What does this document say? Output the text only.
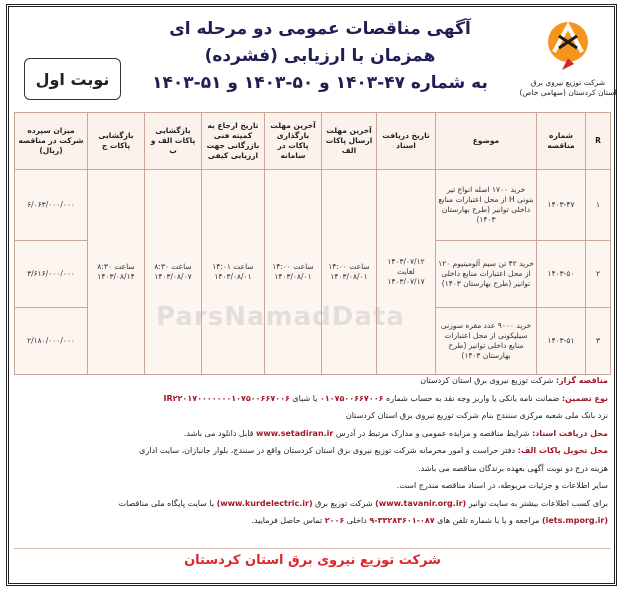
نوبت اول
آگهی مناقصات عمومی دو مرحله ای
همزمان با ارزیابی (فشرده)
به شماره ۴۷-۱۴۰۳ و ۵۰-۱۴۰۳ و ۵۱-۱۴۰۳	شرکت توزیع نیروی برق
استان کردستان (سهامی خاص)
R	شماره مناقصه	موضوع	تاریخ دریافت اسناد	آخرین مهلت ارسال پاکات الف	آخرین مهلت بارگذاری پاکات در سامانه	تاریخ ارجاع به کمیته فنی بازرگانی جهت ارزیابی کیفی	بازگشایی پاکات الف و ب	بازگشایی پاکات ج	میزان سپرده شرکت در مناقصه (ریال)
۱	۱۴۰۳-۴۷	خرید ۱۷۰۰ اصله انواع تیر بتونی H از محل اعتبارات منابع داخلی توانیر (طرح بهارستان ۱۴۰۳)	۱۴۰۳/۰۷/۱۲ لغایت ۱۴۰۳/۰۷/۱۷	ساعت ۱۴:۰۰ ۱۴۰۳/۰۸/۰۱	ساعت ۱۴:۰۰ ۱۴۰۳/۰۸/۰۱	ساعت ۱۴:۰۱ ۱۴۰۳/۰۸/۰۱	ساعت ۸:۳۰ ۱۴۰۳/۰۸/۰۷	ساعت ۸:۳۰ ۱۴۰۳/۰۸/۱۴	۶/۰۶۳/۰۰۰/۰۰۰
۲	۱۴۰۳-۵۰	خرید ۴۲ تن سیم آلومینیوم ۱۲۰ از محل اعتبارات منابع داخلی توانیر (طرح بهارستان ۱۴۰۳)							۳/۶۱۶/۰۰۰/۰۰۰
۳	۱۴۰۳-۵۱	خرید ۹۰۰۰ عدد مقره سوزنی سیلیکونی از محل اعتبارات منابع داخلی توانیر (طرح بهارستان ۱۴۰۳)							۲/۱۸۰/۰۰۰/۰۰۰
ParsNamadData
مناقصه گزار: شرکت توزیع نیروی برق استان کردستان
نوع تضمین: ضمانت نامه بانکی یا واریز وجه نقد به حساب شماره ۰۱۰۷۵۰۰۶۶۷۰۰۶ یا شبای IR۲۲۰۱۷۰۰۰۰۰۰۰۱۰۷۵۰۰۶۶۷۰۰۶
نزد بانک ملی شعبه مرکزی سنندج بنام شرکت توزیع نیروی برق استان کردستان
محل دریافت اسناد: شرایط مناقصه و مزایده عمومی و مدارک مرتبط در آدرس www.setadiran.ir قابل دانلود می باشد.
محل تحویل پاکات الف: دفتر حراست و امور محرمانه شرکت توزیع نیروی برق استان کردستان واقع در سنندج، بلوار جانبازان، سایت اداری
هزینه درج دو نوبت آگهی بعهده برندگان مناقصه می باشد.
سایر اطلاعات و جزئیات مربوطه، در اسناد مناقصه مندرج است.
برای کسب اطلاعات بیشتر به سایت توانیر (www.tavanir.org.ir) شرکت توزیع برق (www.kurdelectric.ir) یا سایت پایگاه ملی مناقصات
(iets.mporg.ir) مراجعه و یا با شماره تلفن های ۰۸۷-۳۳۲۸۳۶۰۱-۹ داخلی ۲۰۰۶ تماس حاصل فرمایید.
شرکت توزیع نیروی برق استان کردستان
